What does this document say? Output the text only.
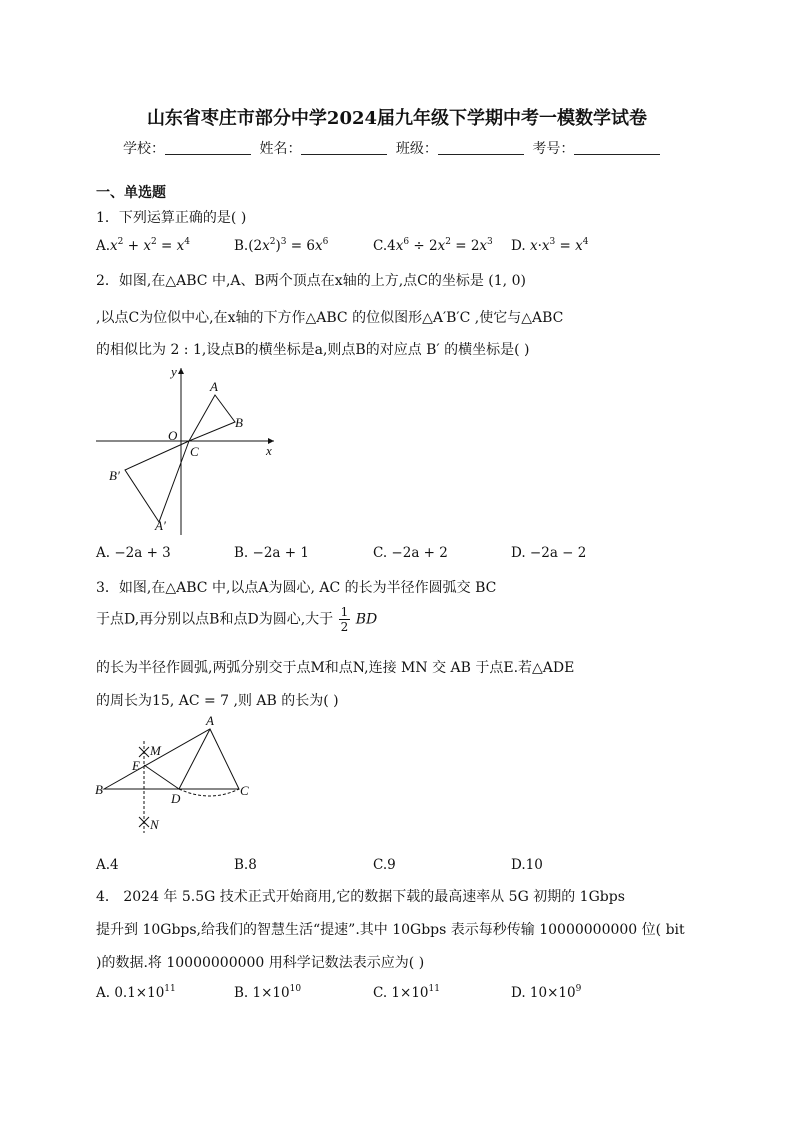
山东省枣庄市部分中学2024届九年级下学期中考一模数学试卷
学校：	姓名：	班级：	考号：
一、单选题
1．下列运算正确的是( )
$A.x^2 + x^2 = x^4$	$B.(2x^2)^3 = 6x^6$	$C.4x^6 \div 2x^2 = 2x^3$ D. $x\cdot x^3 = x^4$
2．如图,在△ABC 中,A、B两个顶点在x轴的上方,点C的坐标是 (1, 0)
,以点C为位似中心,在x轴的下方作△ABC 的位似图形△A′B′C ,使它与△ABC
的相似比为 2 : 1,设点B的横坐标是a,则点B的对应点 B′ 的横坐标是( )
y
x
O
C
A
B
A′
B′
A. −2a + 3	B. −2a + 1	C. −2a + 2	D. −2a − 2
3．如图,在△ABC 中,以点A为圆心, AC 的长为半径作圆弧交 BC
于点D,再分别以点B和点D为圆心,大于 $\frac{1}{2}$ BD
的长为半径作圆弧,两弧分别交于点M和点N,连接 MN 交 AB 于点E.若△ADE
的周长为15, AC = 7 ,则 AB 的长为( )
A
B	C
D
E
M
N
A.4	B.8	C.9	D.10
4． 2024 年 5.5G 技术正式开始商用,它的数据下载的最高速率从 5G 初期的 1Gbps
提升到 10Gbps,给我们的智慧生活“提速”.其中 10Gbps 表示每秒传输 10000000000 位( bit
)的数据.将 10000000000 用科学记数法表示应为( )
A. $0.1\times 10^{11}$	B. $1\times 10^{10}$	C. $1\times 10^{11}$	D. $10\times 10^9$
